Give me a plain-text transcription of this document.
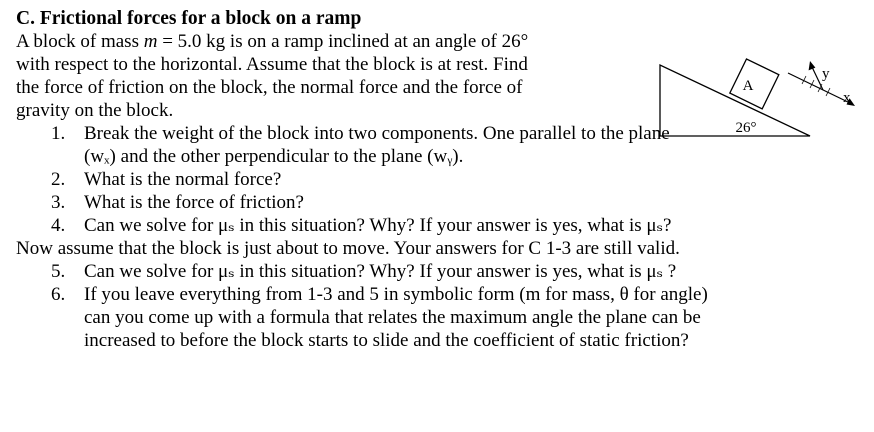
C. Frictional forces for a block on a ramp
A block of mass m = 5.0 kg is on a ramp inclined at an angle of 26°
with respect to the horizontal. Assume that the block is at rest. Find
the force of friction on the block, the normal force and the force of
gravity on the block.
1. Break the weight of the block into two components. One parallel to the plane
(wₓ) and the other perpendicular to the plane (wᵧ).
2. What is the normal force?
3. What is the force of friction?
4. Can we solve for μₛ in this situation? Why? If your answer is yes, what is μₛ?
Now assume that the block is just about to move. Your answers for C 1-3 are still valid.
5. Can we solve for μₛ in this situation? Why? If your answer is yes, what is μₛ ?
6. If you leave everything from 1-3 and 5 in symbolic form (m for mass, θ for angle)
can you come up with a formula that relates the maximum angle the plane can be
increased to before the block starts to slide and the coefficient of static friction?
A
26°
y
x
